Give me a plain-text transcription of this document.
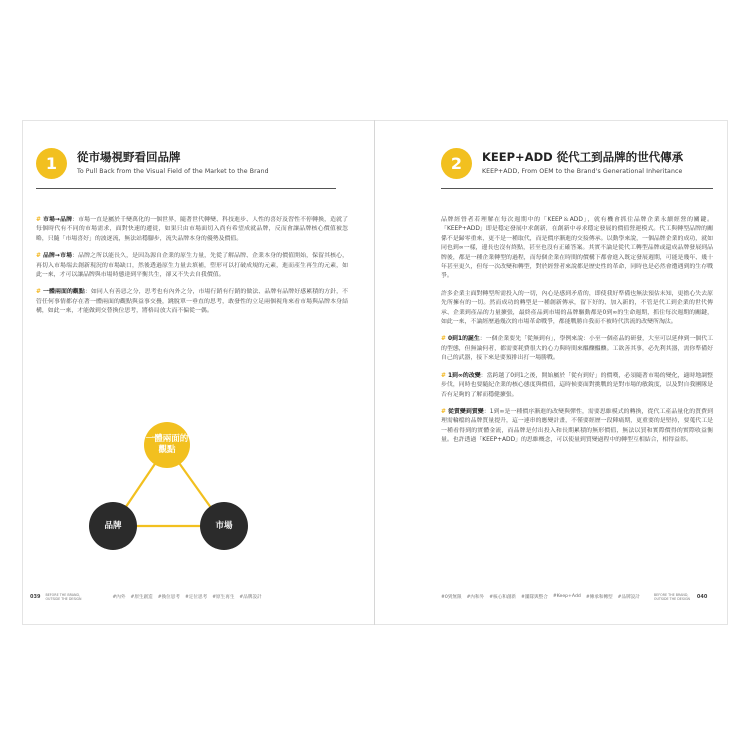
1	從市場視野看回品牌
To Pull Back from the Visual Field of the Market to the Brand

# 市場→品牌：市場一直是屬於千變萬化的一個世界，隨著世代轉變、科技進步、人性的喜好及習性不停轉換，造就了每個時代有不同的市場需求，面對快速的遷徙，如果只由市場面切入尚有希望成就品牌，反而會讓品牌核心價值被忽略，只隨「市場喜好」的波逐流，無法站穩腳步，流失品牌本身的優勢及價值。

# 品牌→市場：品牌之所以能長久，是因為源自企業的原生力量，先從了解品牌、企業本身的價值開始，保留其核心，再切入市場端去創新現況的市場缺口，然後透過原生力量去填補，塑形可以打破成規的元素，進而產生再生的元素，如此一來，才可以讓品牌與市場時態達到平衡共生，卻又不失去自我價值。

# 一體兩面的觀點：如同人有善惡之分，思考也有內外之分，市場行銷有行銷的做法、品牌有品牌好感累積的方針，不管任何事情都存在著一體兩面的觀點與益事交疊，跳脫單一垂直的思考，敢發性的立足兩個視角來看市場與品牌本身結構，如此一來，才能做到交替換位思考，將格局放大而不偏從一偶。

一體兩面的觀點
品牌	市場
039 BEFORE THE BRAND,
OUTSIDE THE DESIGN	#內外 #原生創造 #換位思考 #定位思考 #原生再生 #品牌設計
2	KEEP+ADD 從代工到品牌的世代傳承
KEEP+ADD, From OEM to the Brand's Generational Inheritance

品牌經營者若理解在每次週期中的「KEEP＆ADD」，就有機會抓住品牌企業永續經營的關鍵。「KEEP+ADD」即是穩定發展中求創新，在創新中尋求穩定發展的價值營運模式。代工與轉型品牌的關係不是歸零重來，更不是一種取代，而是價序漸進的交接傳承。以動學來說，一個品牌企業的成功，就如同也到∞一樣，邊長也沒有終點，甚至也沒有正確答案。其實不論是從代工轉型品牌或還成品牌發展到品牌後，都是一種企業轉型的過程，而每個企業在時間的價構下都會進入既定發展週期，可能是幾年、幾十年甚至更久，但每一次改變和轉型，對於經營者來說都是歷史性的革命，同時也是必然會遭遇到的生存戰爭。

許多企業主面對轉型所需投入的一切，內心是感到矛盾的，即使我好準備也無法預估未知，更擔心失去原先所擁有的一切。然而成功的轉型是一種創新傳承，留下好的、加入新的，不管是代工到企業的世代傳承、企業到產品的力量擴張，最終產品到市場的品牌驅動都是0到∞的生命週期，抓住每次週期的關鍵，如此一來，不論經歷過幾次的市場革命戰爭，都能戰勝自我而不被時代洪流的改變所淘汰。

# 0到1的誕生：一個企業要先「從無到有」，學例來說：小至一個產品的研發，大至可以延伸到一個代工的型態，但無論何者，都需要耗費很大的心力與時間來醞釀醞釀。工欲善其事，必先利其器，需你準備好自己的武器，接下來是要預排出打一場勝戰。

# 1到∞的改變：當跨越了0到1之後，開始屬於「從有到好」的價嘆，必須隨著市場的變化，適時地調整步伐，同時也要隨紀企業的核心態度與價值，這時候要面對挑戰的是對市場的敏銳度，以及對自我團隊是否有足夠的了解而穩健擴張。

# 從質變到質變：1到∞是一種價序漸進的改變與彈性，需要思維模式的轉換，從代工產品量化的質費到理需輪檔的品牌質量提升，這一連串的應變計畫，不僅要經歷一段陣痛期，更重要的是堅持，要蒐代工是一種看得到的實體金流，而品牌是付出投入和長期累積的無形價值，無法以買和實際價得的實際收益衡量。也許透過「KEEP+ADD」的思維概念，可以使量到質變過程中的轉型互相結合，相得益彰。

#0到無限 #內和外 #核心和創新 #團隊與整合 #Keep+Add #傳承和轉型 #品牌設計	BEFORE THE BRAND,
OUTSIDE THE DESIGN	040
